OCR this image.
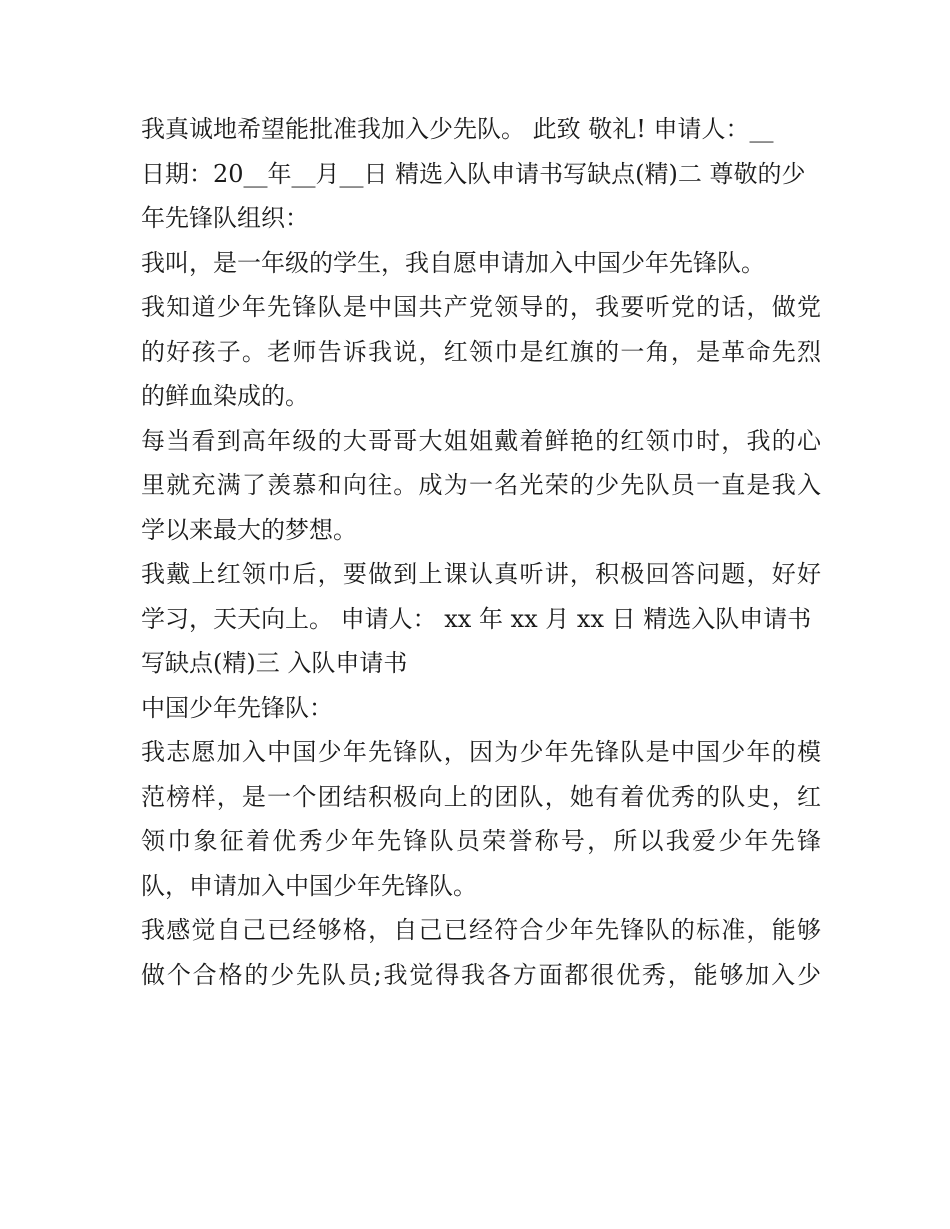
我真诚地希望能批准我加入少先队。 此致 敬礼! 申请人：__
日期：20__年__月__日 精选入队申请书写缺点(精)二 尊敬的少
年先锋队组织：
我叫，是一年级的学生，我自愿申请加入中国少年先锋队。
我知道少年先锋队是中国共产党领导的，我要听党的话，做党
的好孩子。老师告诉我说，红领巾是红旗的一角，是革命先烈
的鲜血染成的。
每当看到高年级的大哥哥大姐姐戴着鲜艳的红领巾时，我的心
里就充满了羡慕和向往。成为一名光荣的少先队员一直是我入
学以来最大的梦想。
我戴上红领巾后，要做到上课认真听讲，积极回答问题，好好
学习，天天向上。 申请人： xx 年 xx 月 xx 日 精选入队申请书
写缺点(精)三 入队申请书
中国少年先锋队：
我志愿加入中国少年先锋队，因为少年先锋队是中国少年的模
范榜样，是一个团结积极向上的团队，她有着优秀的队史，红
领巾象征着优秀少年先锋队员荣誉称号，所以我爱少年先锋
队，申请加入中国少年先锋队。
我感觉自己已经够格，自己已经符合少年先锋队的标准，能够
做个合格的少先队员;我觉得我各方面都很优秀，能够加入少
